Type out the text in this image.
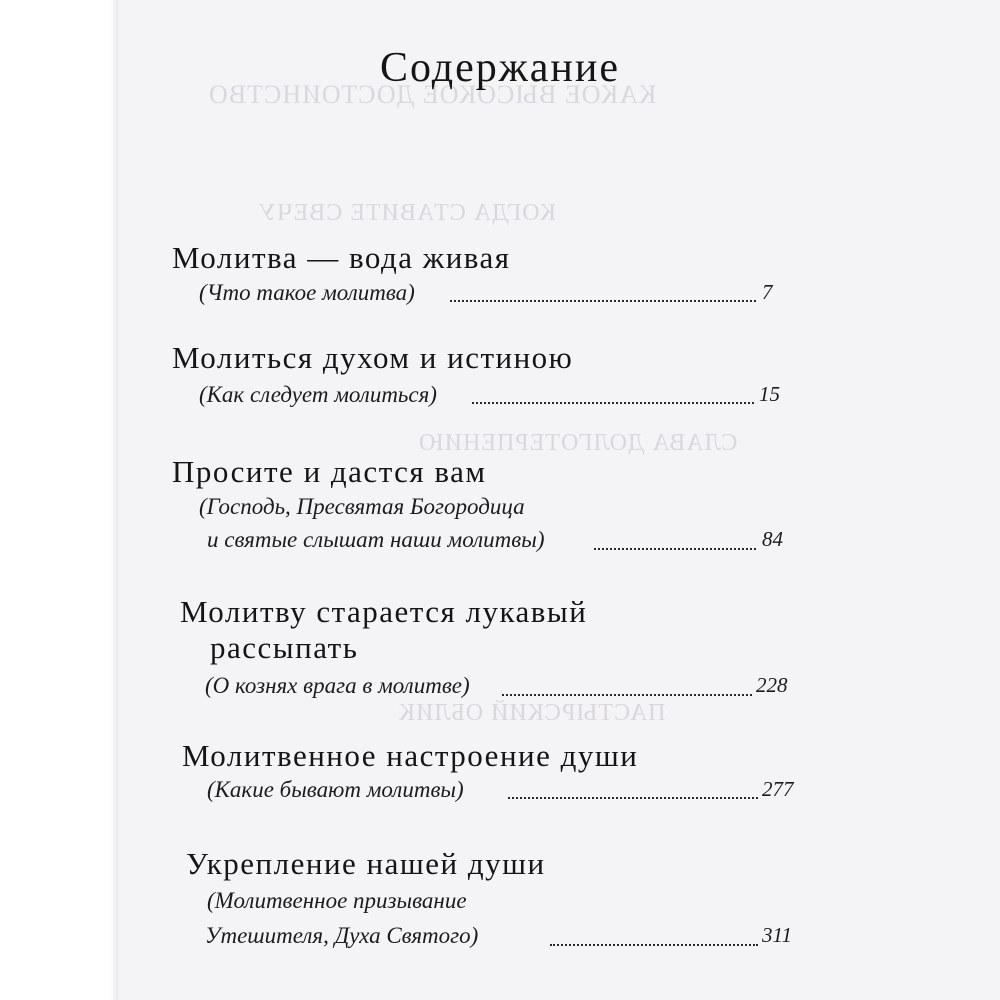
КАКОЕ ВЫСОКОЕ ДОСТОИНСТВО
КОГДА СТАВИТЕ СВЕЧУ
СЛАВА ДОЛГОТЕРПЕНИЮ
ПАСТЫРСКИЙ ОБЛИК
Содержание
Молитва — вода живая
(Что такое молитва)	7
Молиться духом и истиною
(Как следует молиться)	15
Просите и дастся вам
(Господь, Пресвятая Богородица
и святые слышат наши молитвы)	84
Молитву старается лукавый
рассыпать
(О кознях врага в молитве)	228
Молитвенное настроение души
(Какие бывают молитвы)	277
Укрепление нашей души
(Молитвенное призывание
Утешителя, Духа Святого)	311
